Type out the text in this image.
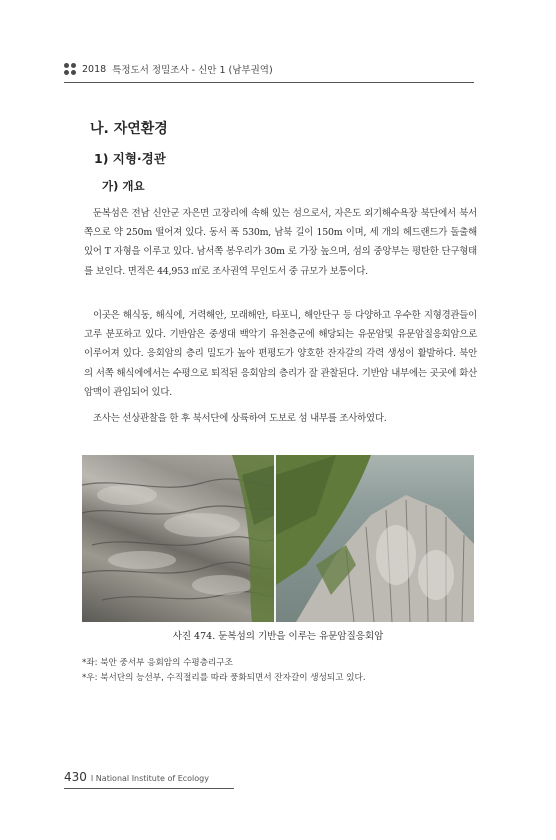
2018 특정도서 정밀조사 - 신안 1 (남부권역)
나. 자연환경
1) 지형·경관
가) 개요

둔복섬은 전남 신안군 자은면 고장리에 속해 있는 섬으로서, 자은도 외기해수욕장 북단에서 북서쪽으로 약 250m 떨어져 있다. 동서 폭 530m, 남북 길이 150m 이며, 세 개의 헤드랜드가 돌출해 있어 T 자형을 이루고 있다. 남서쪽 봉우리가 30m 로 가장 높으며, 섬의 중앙부는 평탄한 단구형태를 보인다. 면적은 44,953 ㎡로 조사권역 무인도서 중 규모가 보통이다.

이곳은 해식동, 해식에, 거력해안, 모래해안, 타포니, 해안단구 등 다양하고 우수한 지형경관들이 고루 분포하고 있다. 기반암은 중생대 백악기 유천층군에 해당되는 유문암및 유문암질응회암으로 이루어져 있다. 응회암의 층리 밀도가 높아 편평도가 양호한 잔자갈의 각력 생성이 활발하다. 북안의 서쪽 해식에에서는 수평으로 퇴적된 응회암의 층리가 잘 관찰된다. 기반암 내부에는 곳곳에 화산암맥이 관입되어 있다.

조사는 선상관찰을 한 후 북서단에 상륙하여 도보로 섬 내부를 조사하였다.

사진 474. 둔복섬의 기반을 이루는 유문암질응회암
*좌: 북안 중서부 응회암의 수평층리구조
*우: 북서단의 능선부, 수직절리를 따라 풍화되면서 잔자갈이 생성되고 있다.
430 I National Institute of Ecology
